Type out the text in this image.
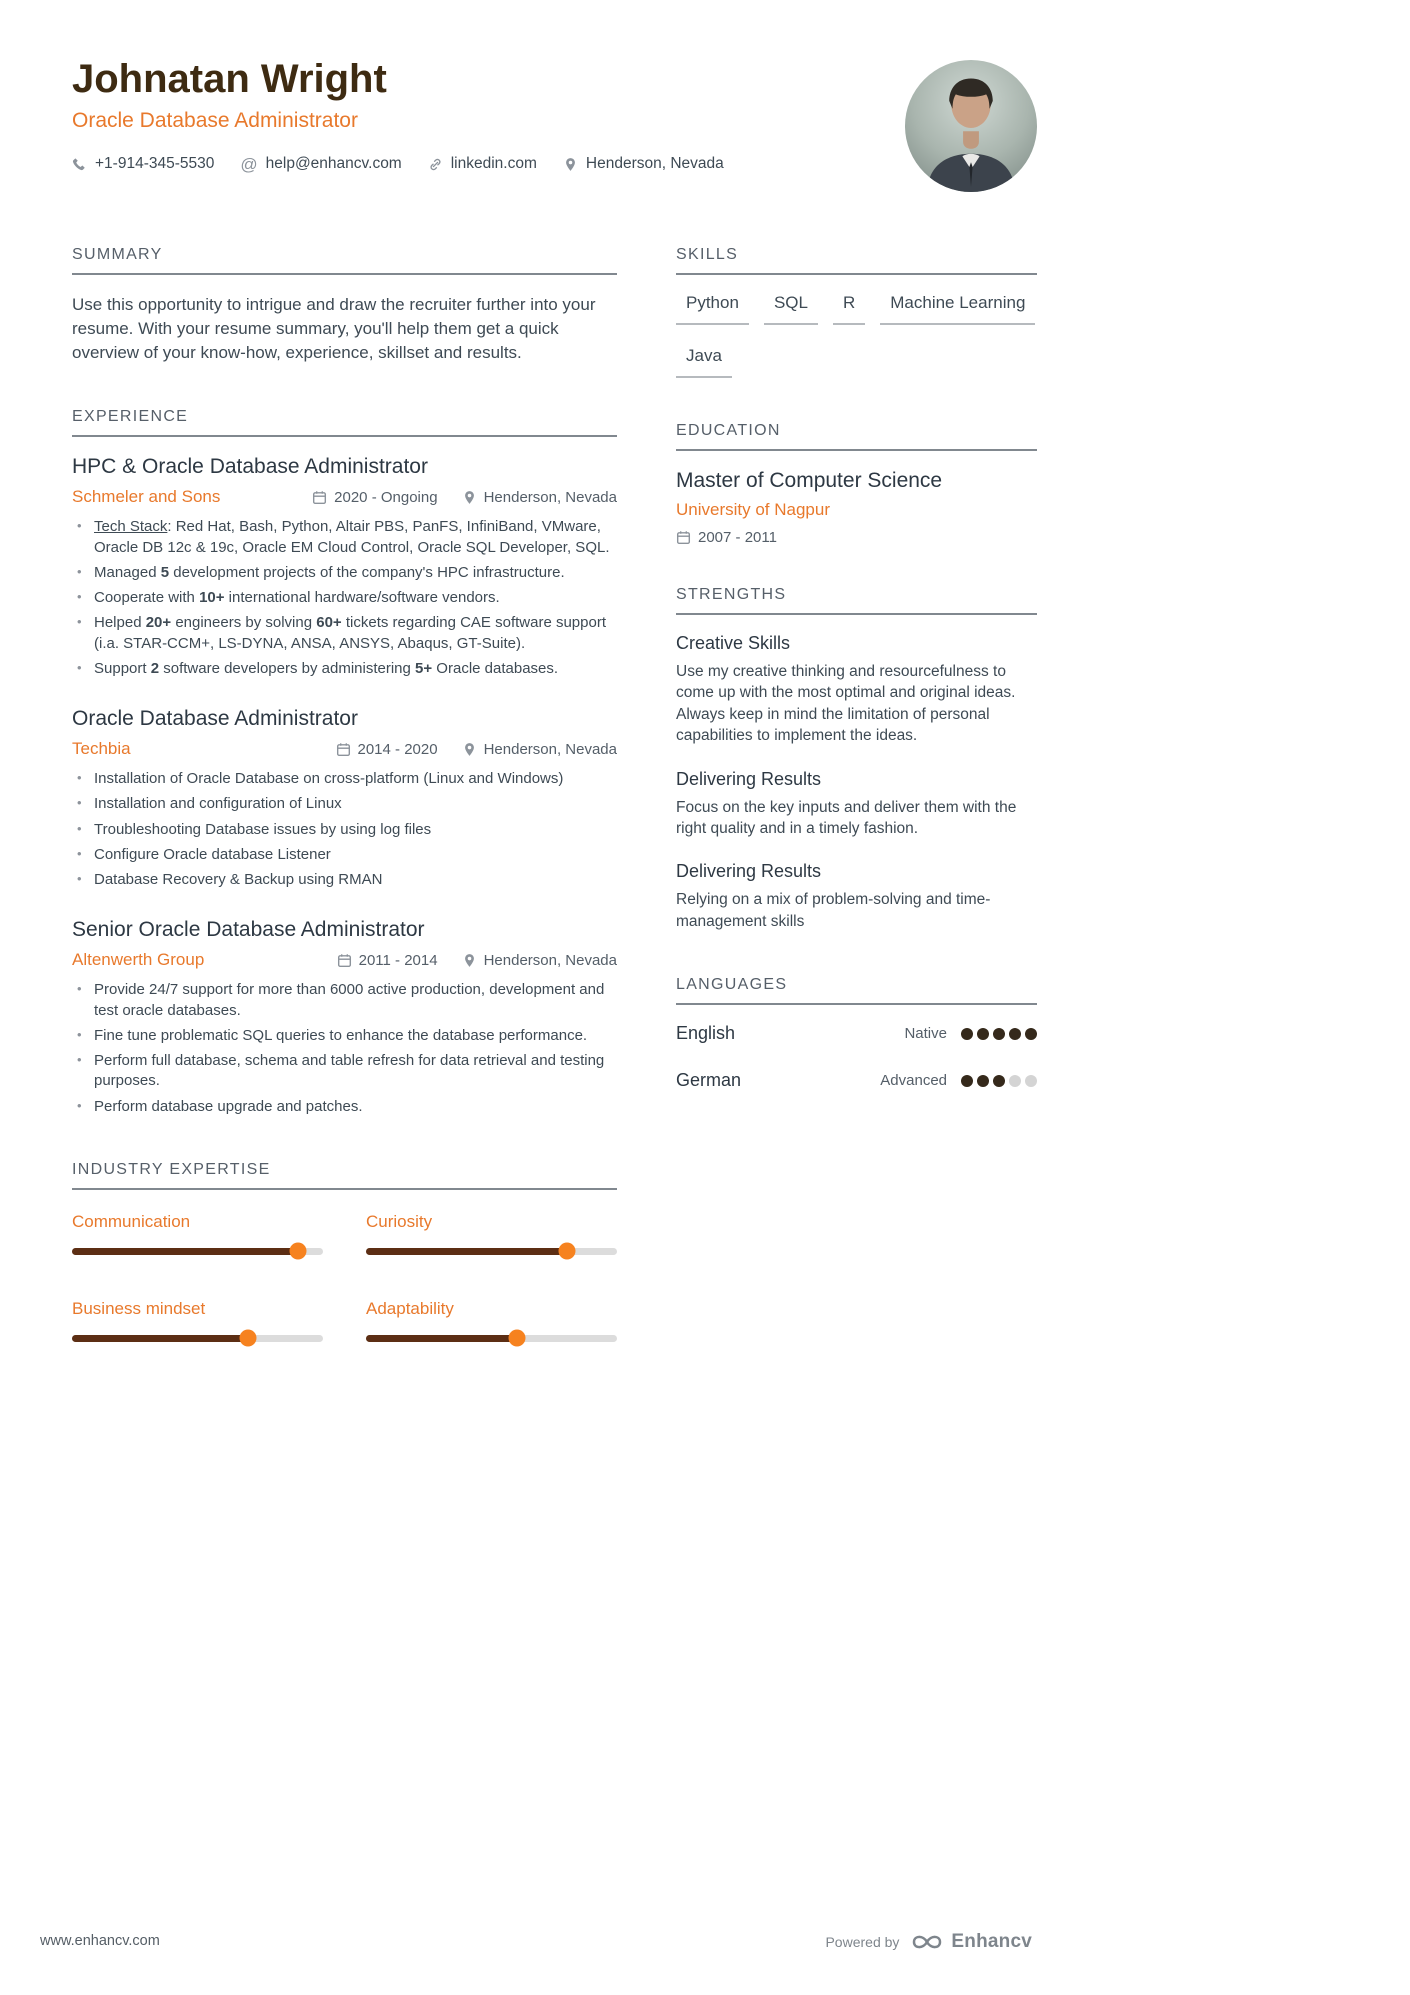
Johnatan Wright
Oracle Database Administrator
+1-914-345-5530 @ help@enhancv.com	linkedin.com	Henderson, Nevada
SUMMARY

Use this opportunity to intrigue and draw the recruiter further into your resume. With your resume summary, you'll help them get a quick overview of your know-how, experience, skillset and results.

EXPERIENCE
HPC & Oracle Database Administrator
Schmeler and Sons	2020 - Ongoing	Henderson, Nevada
• Tech Stack: Red Hat, Bash, Python, Altair PBS, PanFS, InfiniBand, VMware, Oracle DB 12c & 19c, Oracle EM Cloud Control, Oracle SQL Developer, SQL.
• Managed 5 development projects of the company's HPC infrastructure.
• Cooperate with 10+ international hardware/software vendors.
• Helped 20+ engineers by solving 60+ tickets regarding CAE software support (i.a. STAR-CCM+, LS-DYNA, ANSA, ANSYS, Abaqus, GT-Suite).
• Support 2 software developers by administering 5+ Oracle databases.
Oracle Database Administrator
Techbia	2014 - 2020	Henderson, Nevada
• Installation of Oracle Database on cross-platform (Linux and Windows)
• Installation and configuration of Linux
• Troubleshooting Database issues by using log files
• Configure Oracle database Listener
• Database Recovery & Backup using RMAN
Senior Oracle Database Administrator
Altenwerth Group	2011 - 2014	Henderson, Nevada
• Provide 24/7 support for more than 6000 active production, development and test oracle databases.
• Fine tune problematic SQL queries to enhance the database performance.
• Perform full database, schema and table refresh for data retrieval and testing purposes.
• Perform database upgrade and patches.
INDUSTRY EXPERTISE
Communication	Curiosity
Business mindset	Adaptability
SKILLS
Python	SQL	R	Machine Learning
Java
EDUCATION
Master of Computer Science
University of Nagpur
2007 - 2011
STRENGTHS
Creative Skills

Use my creative thinking and resourcefulness to come up with the most optimal and original ideas. Always keep in mind the limitation of personal capabilities to implement the ideas.

Delivering Results

Focus on the key inputs and deliver them with the right quality and in a timely fashion.

Delivering Results

Relying on a mix of problem-solving and time-management skills

LANGUAGES
English	Native
German	Advanced
www.enhancv.com	Powered by	Enhancv
